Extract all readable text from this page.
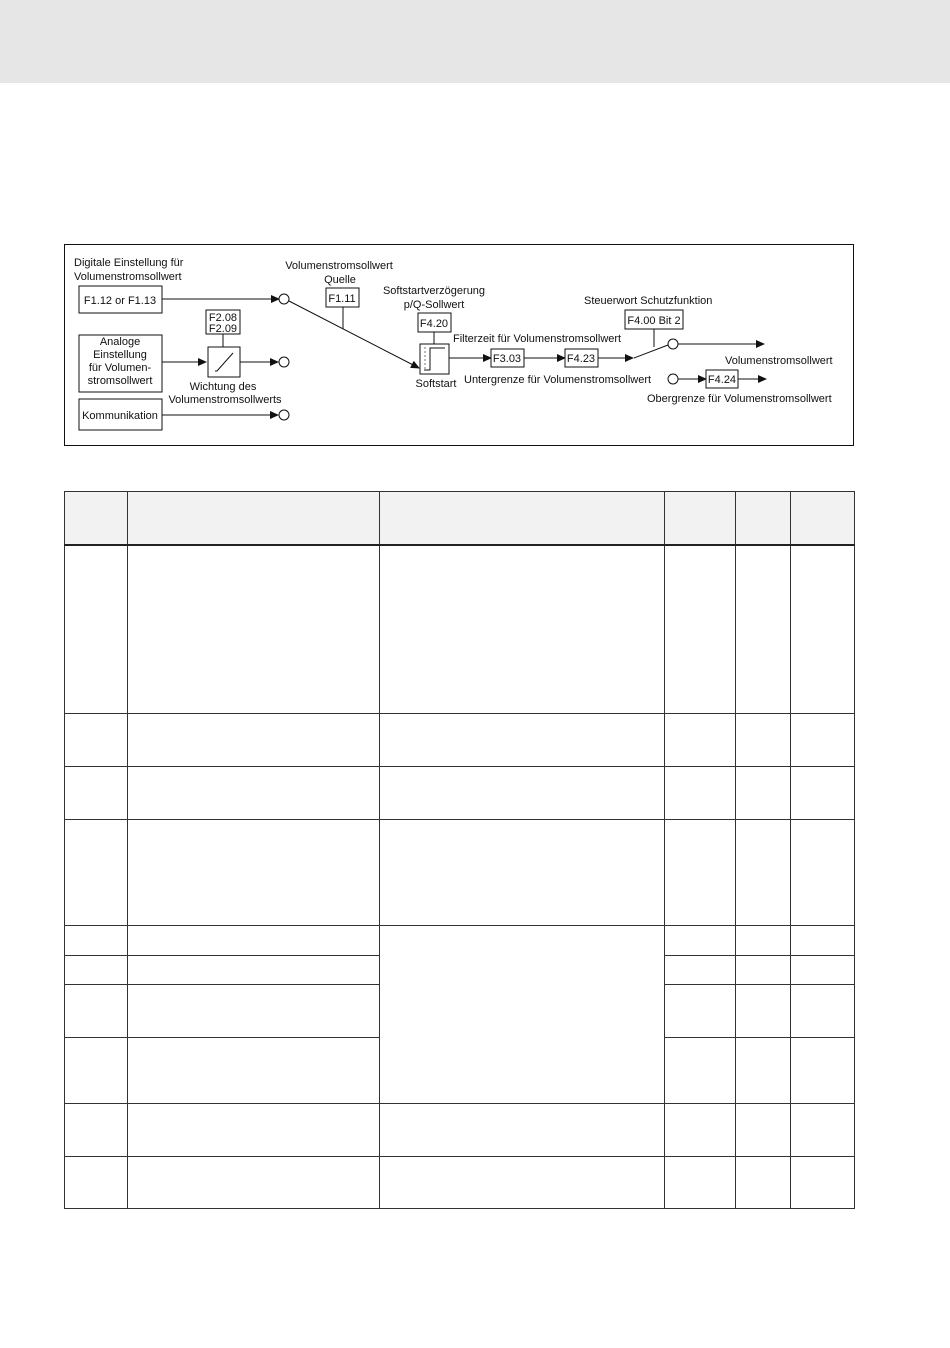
Digitale Einstellung für
Volumenstromsollwert
F1.12 or F1.13
Analoge
Einstellung
für Volumen-
stromsollwert
F2.08
F2.09
Wichtung des
Volumenstromsollwerts
Kommunikation
Volumenstromsollwert
Quelle
F1.11
Softstartverzögerung
p/Q-Sollwert
F4.20
Softstart
Filterzeit für Volumenstromsollwert
F3.03	F4.23
Untergrenze für Volumenstromsollwert
Steuerwort Schutzfunktion
F4.00 Bit 2
F4.24
Volumenstromsollwert
Obergrenze für Volumenstromsollwert
